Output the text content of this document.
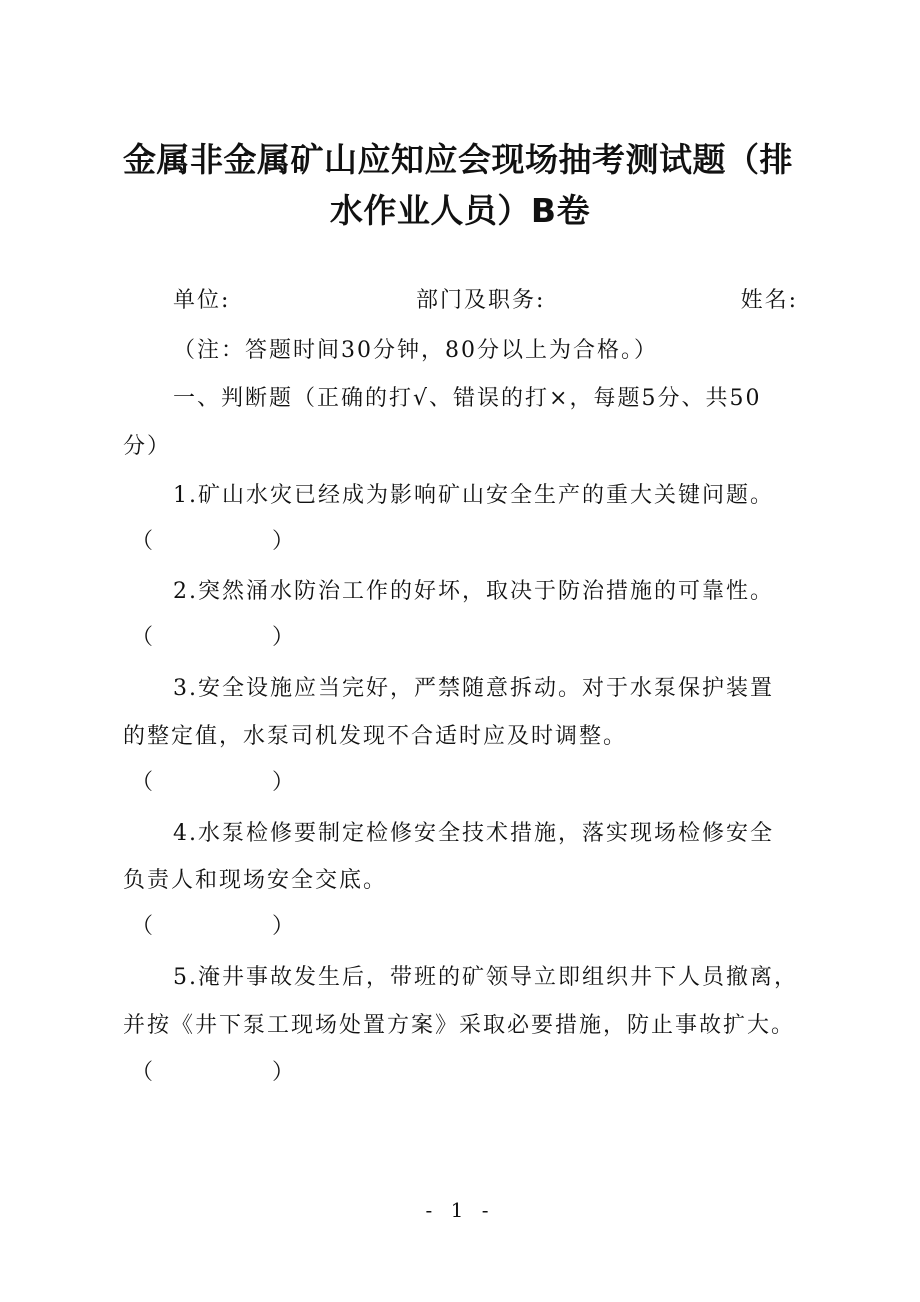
金属非金属矿山应知应会现场抽考测试题（排
水作业人员）B卷
单位:	部门及职务:	姓名:
（注：答题时间30分钟，80分以上为合格。）
一、判断题（正确的打√、错误的打×，每题5分、共50
分）
1.矿山水灾已经成为影响矿山安全生产的重大关键问题。
（ ）
2.突然涌水防治工作的好坏，取决于防治措施的可靠性。
（ ）
3.安全设施应当完好，严禁随意拆动。对于水泵保护装置
的整定值，水泵司机发现不合适时应及时调整。
（ ）
4.水泵检修要制定检修安全技术措施，落实现场检修安全
负责人和现场安全交底。
（ ）
5.淹井事故发生后，带班的矿领导立即组织井下人员撤离，
并按《井下泵工现场处置方案》采取必要措施，防止事故扩大。
（ ）
- 1 -
